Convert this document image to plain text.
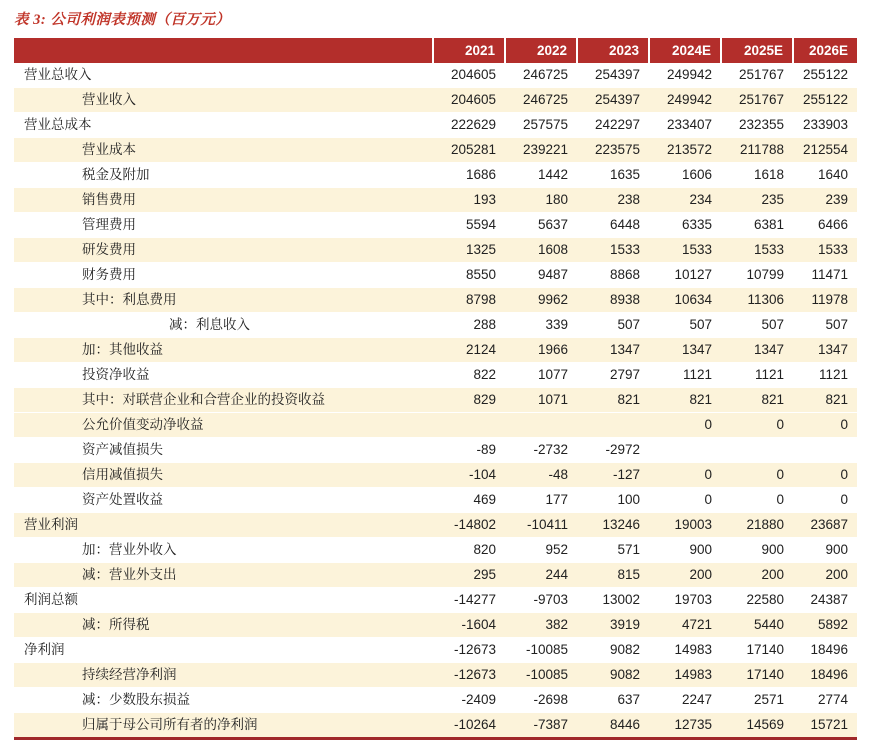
表 3: 公司利润表预测（百万元）
	2021	2022	2023	2024E	2025E	2026E
营业总收入	204605	246725	254397	249942	251767	255122
营业收入	204605	246725	254397	249942	251767	255122
营业总成本	222629	257575	242297	233407	232355	233903
营业成本	205281	239221	223575	213572	211788	212554
税金及附加	1686	1442	1635	1606	1618	1640
销售费用	193	180	238	234	235	239
管理费用	5594	5637	6448	6335	6381	6466
研发费用	1325	1608	1533	1533	1533	1533
财务费用	8550	9487	8868	10127	10799	11471
其中：利息费用	8798	9962	8938	10634	11306	11978
减：利息收入	288	339	507	507	507	507
加：其他收益	2124	1966	1347	1347	1347	1347
投资净收益	822	1077	2797	1121	1121	1121
其中：对联营企业和合营企业的投资收益	829	1071	821	821	821	821
公允价值变动净收益				0	0	0
资产减值损失	-89	-2732	-2972			
信用减值损失	-104	-48	-127	0	0	0
资产处置收益	469	177	100	0	0	0
营业利润	-14802	-10411	13246	19003	21880	23687
加：营业外收入	820	952	571	900	900	900
减：营业外支出	295	244	815	200	200	200
利润总额	-14277	-9703	13002	19703	22580	24387
减：所得税	-1604	382	3919	4721	5440	5892
净利润	-12673	-10085	9082	14983	17140	18496
持续经营净利润	-12673	-10085	9082	14983	17140	18496
减：少数股东损益	-2409	-2698	637	2247	2571	2774
归属于母公司所有者的净利润	-10264	-7387	8446	12735	14569	15721
